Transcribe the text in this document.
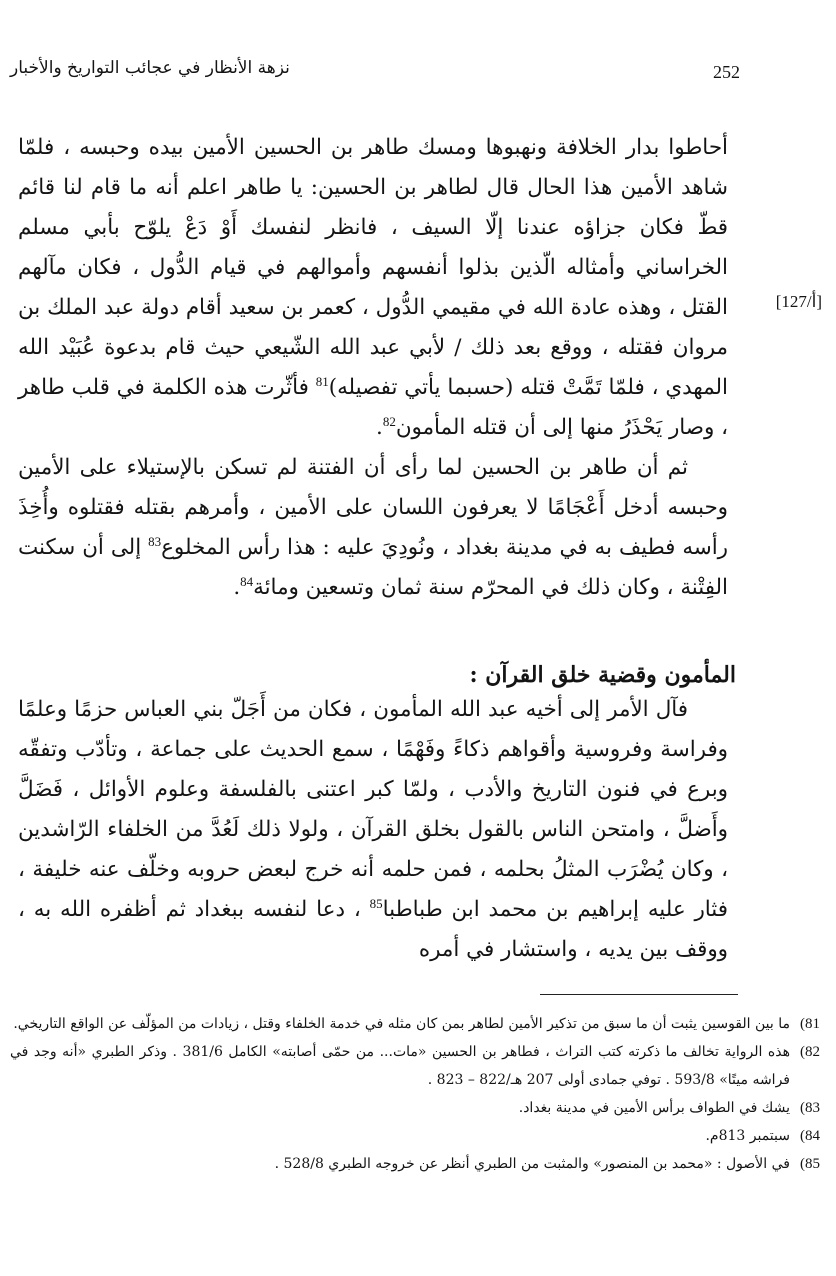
نزهة الأنظار في عجائب التواريخ والأخبار	252
[127/أ]

أحاطوا بدار الخلافة ونهبوها ومسك طاهر بن الحسين الأمين بيده وحبسه ، فلمّا شاهد الأمين هذا الحال قال لطاهر بن الحسين: يا طاهر اعلم أنه ما قام لنا قائم قطّ فكان جزاؤه عندنا إلّا السيف ، فانظر لنفسك أَوْ دَعْ يلوّح بأبي مسلم الخراساني وأمثاله الّذين بذلوا أنفسهم وأموالهم في قيام الدُّول ، فكان مآلهم القتل ، وهذه عادة الله في مقيمي الدُّول ، كعمر بن سعيد أقام دولة عبد الملك بن مروان فقتله ، ووقع بعد ذلك / لأبي عبد الله الشّيعي حيث قام بدعوة عُبَيْد الله المهدي ، فلمّا تَمَّتْ قتله (حسبما يأتي تفصيله)$^{81}$ فأثّرت هذه الكلمة في قلب طاهر ، وصار يَحْذَرُ منها إلى أن قتله المأمون$^{82}$.

ثم أن طاهر بن الحسين لما رأى أن الفتنة لم تسكن بالإستيلاء على الأمين وحبسه أدخل أَعْجَامًا لا يعرفون اللسان على الأمين ، وأمرهم بقتله فقتلوه وأُخِذَ رأسه فطيف به في مدينة بغداد ، ونُودِيَ عليه : هذا رأس المخلوع$^{83}$ إلى أن سكنت الفِتْنة ، وكان ذلك في المحرّم سنة ثمان وتسعين ومائة$^{84}$.

المأمون وقضية خلق القرآن :

فآل الأمر إلى أخيه عبد الله المأمون ، فكان من أَجَلّ بني العباس حزمًا وعلمًا وفراسة وفروسية وأقواهم ذكاءً وفَهْمًا ، سمع الحديث على جماعة ، وتأدّب وتفقّه وبرع في فنون التاريخ والأدب ، ولمّا كبر اعتنى بالفلسفة وعلوم الأوائل ، فَضَلَّ وأَضلَّ ، وامتحن الناس بالقول بخلق القرآن ، ولولا ذلك لَعُدَّ من الخلفاء الرّاشدين ، وكان يُضْرَب المثلُ بحلمه ، فمن حلمه أنه خرج لبعض حروبه وخلّف عنه خليفة ، فثار عليه إبراهيم بن محمد ابن طباطبا$^{85}$ ، دعا لنفسه ببغداد ثم أظفره الله به ، ووقف بين يديه ، واستشار في أمره

81)
ما بين القوسين يثبت أن ما سبق من تذكير الأمين لطاهر بمن كان مثله في خدمة الخلفاء وقتل ، زيادات من المؤلّف عن الواقع التاريخي.
82)
هذه الرواية تخالف ما ذكرته كتب التراث ، فطاهر بن الحسين «مات... من حمّى أصابته» الكامل 381/6 . وذكر الطبري «أنه وجد في فراشه ميتًا» 593/8 . توفي جمادى أولى 207 هـ/822 – 823 .
83)
يشك في الطواف برأس الأمين في مدينة بغداد.
84)
سبتمبر 813م.
85)
في الأصول : «محمد بن المنصور» والمثبت من الطبري أنظر عن خروجه الطبري 528/8 .
